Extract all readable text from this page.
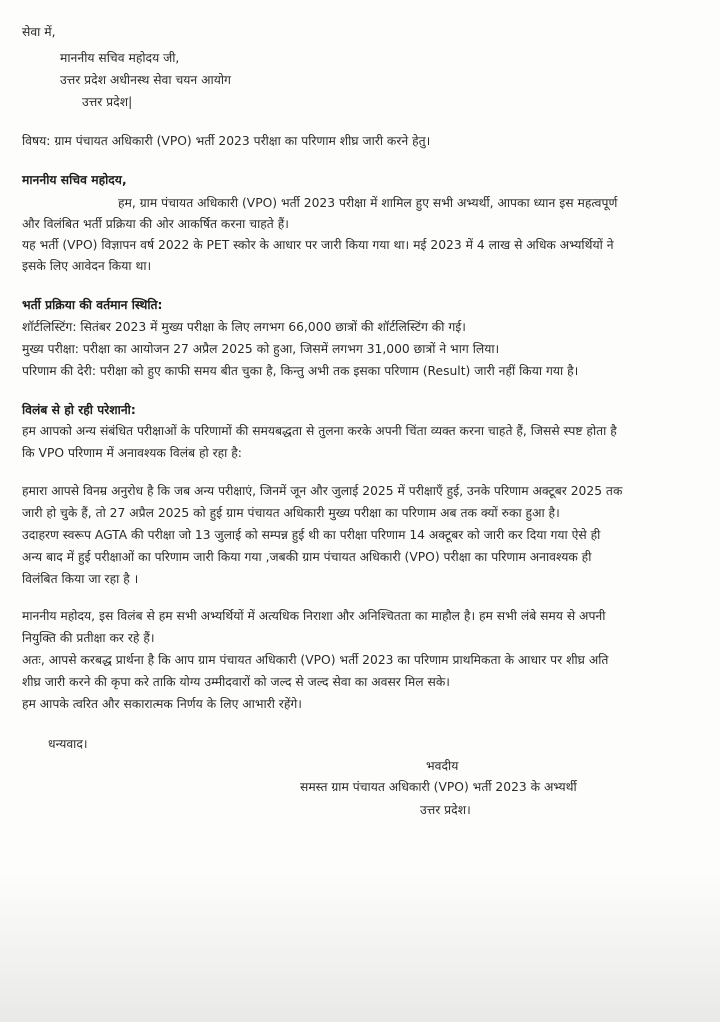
सेवा में,
माननीय सचिव महोदय जी,
उत्तर प्रदेश अधीनस्थ सेवा चयन आयोग
उत्तर प्रदेश|
विषय: ग्राम पंचायत अधिकारी (VPO) भर्ती 2023 परीक्षा का परिणाम शीघ्र जारी करने हेतु।
माननीय सचिव महोदय,
हम, ग्राम पंचायत अधिकारी (VPO) भर्ती 2023 परीक्षा में शामिल हुए सभी अभ्यर्थी, आपका ध्यान इस महत्वपूर्ण
और विलंबित भर्ती प्रक्रिया की ओर आकर्षित करना चाहते हैं।
यह भर्ती (VPO) विज्ञापन वर्ष 2022 के PET स्कोर के आधार पर जारी किया गया था। मई 2023 में 4 लाख से अधिक अभ्यर्थियों ने
इसके लिए आवेदन किया था।
भर्ती प्रक्रिया की वर्तमान स्थिति:
शॉर्टलिस्टिंग: सितंबर 2023 में मुख्य परीक्षा के लिए लगभग 66,000 छात्रों की शॉर्टलिस्टिंग की गई।
मुख्य परीक्षा: परीक्षा का आयोजन 27 अप्रैल 2025 को हुआ, जिसमें लगभग 31,000 छात्रों ने भाग लिया।
परिणाम की देरी: परीक्षा को हुए काफी समय बीत चुका है, किन्तु अभी तक इसका परिणाम (Result) जारी नहीं किया गया है।
विलंब से हो रही परेशानी:
हम आपको अन्य संबंधित परीक्षाओं के परिणामों की समयबद्धता से तुलना करके अपनी चिंता व्यक्त करना चाहते हैं, जिससे स्पष्ट होता है
कि VPO परिणाम में अनावश्यक विलंब हो रहा है:
हमारा आपसे विनम्र अनुरोध है कि जब अन्य परीक्षाएं, जिनमें जून और जुलाई 2025 में परीक्षाएँ हुई, उनके परिणाम अक्टूबर 2025 तक
जारी हो चुके हैं, तो 27 अप्रैल 2025 को हुई ग्राम पंचायत अधिकारी मुख्य परीक्षा का परिणाम अब तक क्यों रुका हुआ है।
उदाहरण स्वरूप AGTA की परीक्षा जो 13 जुलाई को सम्पन्न हुई थी का परीक्षा परिणाम 14 अक्टूबर को जारी कर दिया गया ऐसे ही
अन्य बाद में हुई परीक्षाओं का परिणाम जारी किया गया ,जबकी ग्राम पंचायत अधिकारी (VPO) परीक्षा का परिणाम अनावश्यक ही
विलंबित किया जा रहा है ।
माननीय महोदय, इस विलंब से हम सभी अभ्यर्थियों में अत्यधिक निराशा और अनिश्चितता का माहौल है। हम सभी लंबे समय से अपनी
नियुक्ति की प्रतीक्षा कर रहे हैं।
अतः, आपसे करबद्ध प्रार्थना है कि आप ग्राम पंचायत अधिकारी (VPO) भर्ती 2023 का परिणाम प्राथमिकता के आधार पर शीघ्र अति
शीघ्र जारी करने की कृपा करे ताकि योग्य उम्मीदवारों को जल्द से जल्द सेवा का अवसर मिल सके।
हम आपके त्वरित और सकारात्मक निर्णय के लिए आभारी रहेंगे।
धन्यवाद।
भवदीय
समस्त ग्राम पंचायत अधिकारी (VPO) भर्ती 2023 के अभ्यर्थी
उत्तर प्रदेश।
